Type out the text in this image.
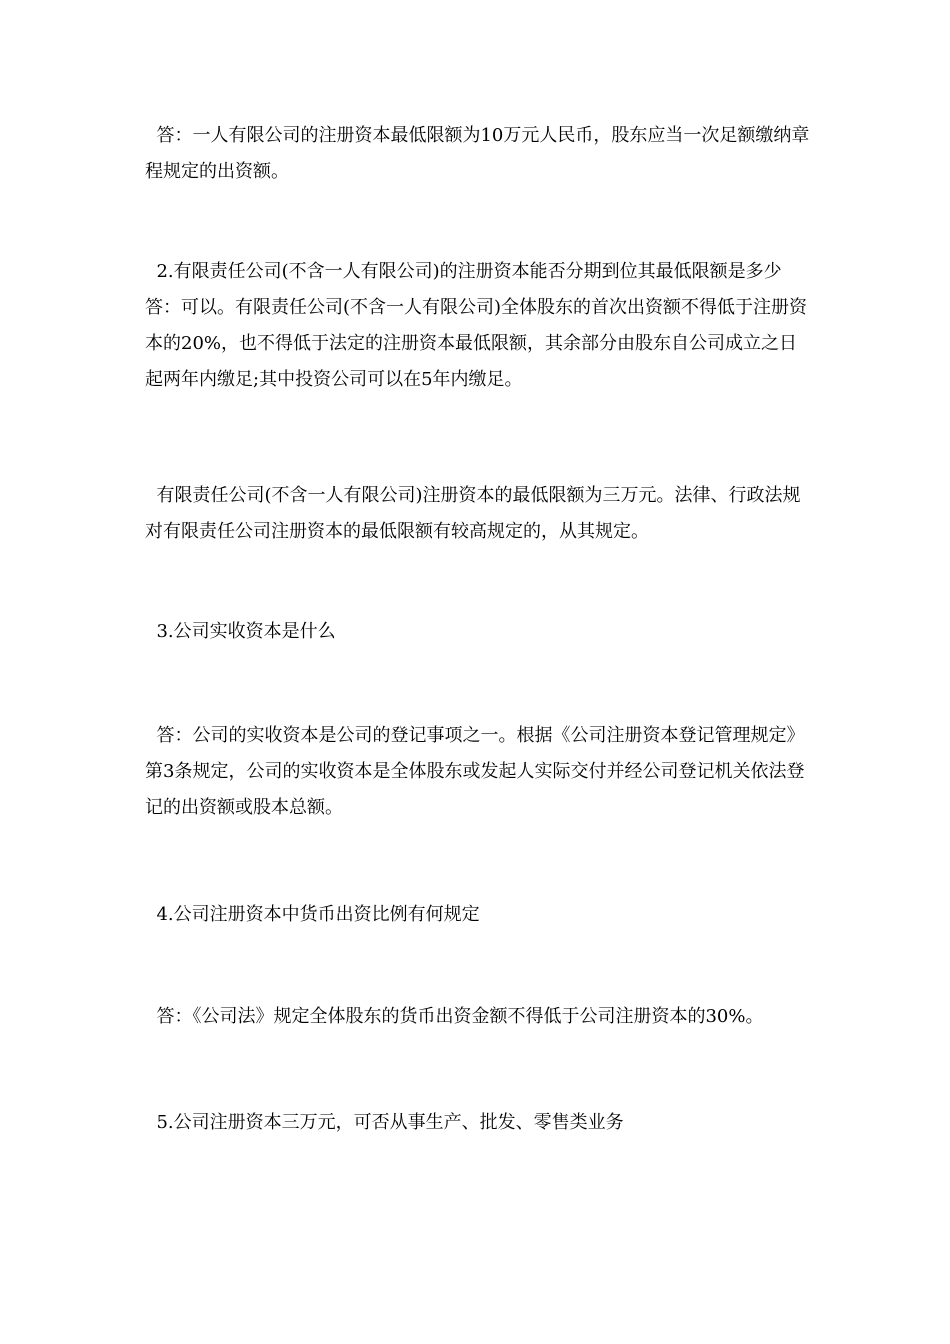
答：一人有限公司的注册资本最低限额为10万元人民币，股东应当一次足额缴纳章程规定的出资额。

2.有限责任公司(不含一人有限公司)的注册资本能否分期到位其最低限额是多少 答：可以。有限责任公司(不含一人有限公司)全体股东的首次出资额不得低于注册资本的20%，也不得低于法定的注册资本最低限额，其余部分由股东自公司成立之日起两年内缴足;其中投资公司可以在5年内缴足。

有限责任公司(不含一人有限公司)注册资本的最低限额为三万元。法律、行政法规对有限责任公司注册资本的最低限额有较高规定的，从其规定。

3.公司实收资本是什么

答：公司的实收资本是公司的登记事项之一。根据《公司注册资本登记管理规定》第3条规定，公司的实收资本是全体股东或发起人实际交付并经公司登记机关依法登记的出资额或股本总额。

4.公司注册资本中货币出资比例有何规定

答：《公司法》规定全体股东的货币出资金额不得低于公司注册资本的30%。

5.公司注册资本三万元，可否从事生产、批发、零售类业务
